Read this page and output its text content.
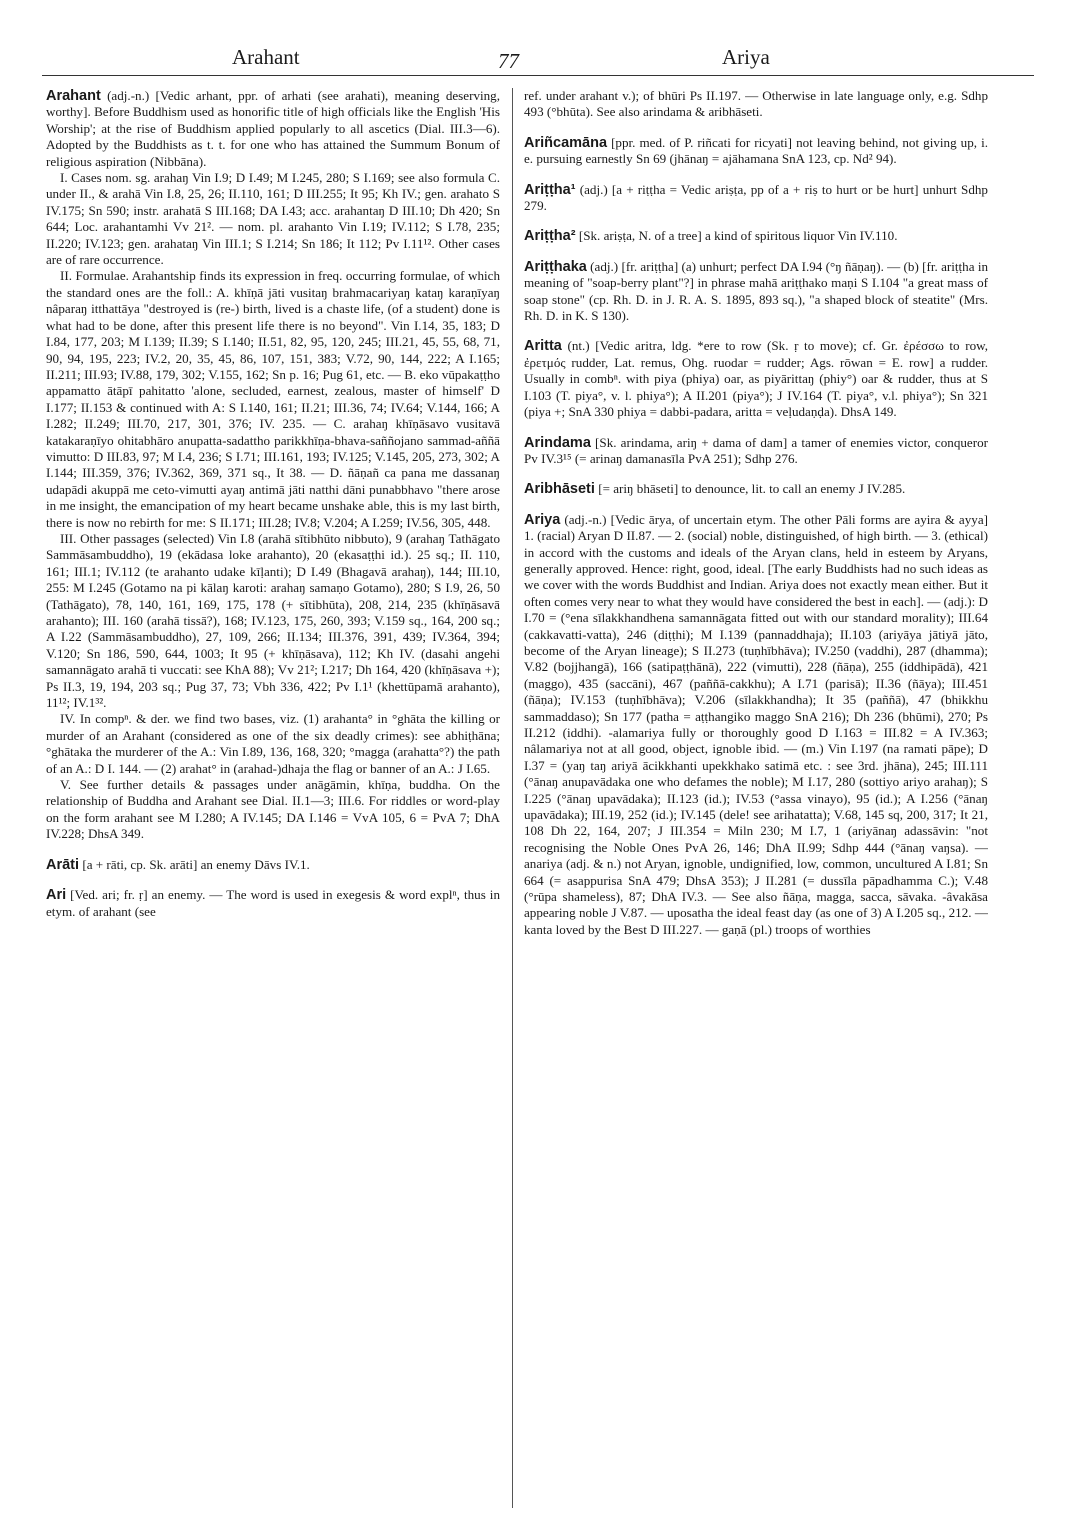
Arahant	77	Ariya
Arahant (adj.-n.) [Vedic arhant, ppr. of arhati (see arahati), meaning deserving, worthy]. Before Buddhism used as honorific title of high officials like the English 'His Worship'; at the rise of Buddhism applied popularly to all ascetics (Dial. III.3—6). Adopted by the Buddhists as t. t. for one who has attained the Summum Bonum of religious aspiration (Nibbāna).

I. Cases nom. sg. arahaŋ Vin I.9; D I.49; M I.245, 280; S I.169; see also formula C. under II., & arahā Vin I.8, 25, 26; II.110, 161; D III.255; It 95; Kh IV.; gen. arahato S IV.175; Sn 590; instr. arahatā S III.168; DA I.43; acc. arahantaŋ D III.10; Dh 420; Sn 644; Loc. arahantamhi Vv 21². — nom. pl. arahanto Vin I.19; IV.112; S I.78, 235; II.220; IV.123; gen. arahataŋ Vin III.1; S I.214; Sn 186; It 112; Pv I.11¹². Other cases are of rare occurrence.

II. Formulae. Arahantship finds its expression in freq. occurring formulae, of which the standard ones are the foll.: A. khīṇā jāti vusitaŋ brahmacariyaŋ kataŋ karaṇīyaŋ nâparaŋ itthattāya "destroyed is (re-) birth, lived is a chaste life, (of a student) done is what had to be done, after this present life there is no beyond". Vin I.14, 35, 183; D I.84, 177, 203; M I.139; II.39; S I.140; II.51, 82, 95, 120, 245; III.21, 45, 55, 68, 71, 90, 94, 195, 223; IV.2, 20, 35, 45, 86, 107, 151, 383; V.72, 90, 144, 222; A I.165; II.211; III.93; IV.88, 179, 302; V.155, 162; Sn p. 16; Pug 61, etc. — B. eko vūpakaṭṭho appamatto ātāpī pahitatto 'alone, secluded, earnest, zealous, master of himself' D I.177; II.153 & continued with A: S I.140, 161; II.21; III.36, 74; IV.64; V.144, 166; A I.282; II.249; III.70, 217, 301, 376; IV. 235. — C. arahaŋ khīṇāsavo vusitavā katakaraṇīyo ohitabhāro anupatta-sadattho parikkhīṇa-bhava-saññojano sammad-aññā vimutto: D III.83, 97; M I.4, 236; S I.71; III.161, 193; IV.125; V.145, 205, 273, 302; A I.144; III.359, 376; IV.362, 369, 371 sq., It 38. — D. ñāṇañ ca pana me dassanaŋ udapādi akuppā me ceto-vimutti ayaŋ antimā jāti natthi dāni punabbhavo "there arose in me insight, the emancipation of my heart became unshake able, this is my last birth, there is now no rebirth for me: S II.171; III.28; IV.8; V.204; A I.259; IV.56, 305, 448.

III. Other passages (selected) Vin I.8 (arahā sītibhūto nibbuto), 9 (arahaŋ Tathāgato Sammāsambuddho), 19 (ekādasa loke arahanto), 20 (ekasaṭṭhi id.). 25 sq.; II. 110, 161; III.1; IV.112 (te arahanto udake kīḷanti); D I.49 (Bhagavā arahaŋ), 144; III.10, 255: M I.245 (Gotamo na pi kālaŋ karoti: arahaŋ samaṇo Gotamo), 280; S I.9, 26, 50 (Tathāgato), 78, 140, 161, 169, 175, 178 (+ sītibhūta), 208, 214, 235 (khīṇāsavā arahanto); III. 160 (arahā tissā?), 168; IV.123, 175, 260, 393; V.159 sq., 164, 200 sq.; A I.22 (Sammāsambuddho), 27, 109, 266; II.134; III.376, 391, 439; IV.364, 394; V.120; Sn 186, 590, 644, 1003; It 95 (+ khīṇāsava), 112; Kh IV. (dasahi angehi samannāgato arahā ti vuccati: see KhA 88); Vv 21²; I.217; Dh 164, 420 (khīṇāsava +); Ps II.3, 19, 194, 203 sq.; Pug 37, 73; Vbh 336, 422; Pv I.1¹ (khettūpamā arahanto), 11¹²; IV.1³².

IV. In compⁿ. & der. we find two bases, viz. (1) arahanta° in °ghāta the killing or murder of an Arahant (considered as one of the six deadly crimes): see abhiṭhāna; °ghātaka the murderer of the A.: Vin I.89, 136, 168, 320; °magga (arahatta°?) the path of an A.: D I. 144. — (2) arahat° in (arahad-)dhaja the flag or banner of an A.: J I.65.

V. See further details & passages under anāgāmin, khīṇa, buddha. On the relationship of Buddha and Arahant see Dial. II.1—3; III.6. For riddles or word-play on the form arahant see M I.280; A IV.145; DA I.146 = VvA 105, 6 = PvA 7; DhA IV.228; DhsA 349.

Arāti [a + rāti, cp. Sk. arāti] an enemy Dāvs IV.1.
Ari [Ved. ari; fr. ṛ] an enemy. — The word is used in exegesis & word explⁿ, thus in etym. of arahant (see

ref. under arahant v.); of bhūri Ps II.197. — Otherwise in late language only, e.g. Sdhp 493 (°bhūta). See also arindama & aribhāseti.

Ariñcamāna [ppr. med. of P. riñcati for ricyati] not leaving behind, not giving up, i. e. pursuing earnestly Sn 69 (jhānaŋ = ajāhamana SnA 123, cp. Nd² 94).
Ariṭṭha¹ (adj.) [a + riṭṭha = Vedic ariṣṭa, pp of a + riṣ to hurt or be hurt] unhurt Sdhp 279.
Ariṭṭha² [Sk. ariṣṭa, N. of a tree] a kind of spiritous liquor Vin IV.110.
Ariṭṭhaka (adj.) [fr. ariṭṭha] (a) unhurt; perfect DA I.94 (°ŋ ñāṇaŋ). — (b) [fr. ariṭṭha in meaning of "soap-berry plant"?] in phrase mahā ariṭṭhako maṇi S I.104 "a great mass of soap stone" (cp. Rh. D. in J. R. A. S. 1895, 893 sq.), "a shaped block of steatite" (Mrs. Rh. D. in K. S 130).
Aritta (nt.) [Vedic aritra, ldg. *ere to row (Sk. ṛ to move); cf. Gr. ἐρέσσω to row, ἐρετμός rudder, Lat. remus, Ohg. ruodar = rudder; Ags. rōwan = E. row] a rudder. Usually in combⁿ. with piya (phiya) oar, as piyārittaŋ (phiy°) oar & rudder, thus at S I.103 (T. piya°, v. l. phiya°); A II.201 (piya°); J IV.164 (T. piya°, v.l. phiya°); Sn 321 (piya +; SnA 330 phiya = dabbi-padara, aritta = veḷudaṇḍa). DhsA 149.
Arindama [Sk. arindama, ariŋ + dama of dam] a tamer of enemies victor, conqueror Pv IV.3¹⁵ (= arinaŋ damanasīla PvA 251); Sdhp 276.
Aribhāseti [= ariŋ bhāseti] to denounce, lit. to call an enemy J IV.285.
Ariya (adj.-n.) [Vedic ārya, of uncertain etym. The other Pāli forms are ayira & ayya] 1. (racial) Aryan D II.87. — 2. (social) noble, distinguished, of high birth. — 3. (ethical) in accord with the customs and ideals of the Aryan clans, held in esteem by Aryans, generally approved. Hence: right, good, ideal. [The early Buddhists had no such ideas as we cover with the words Buddhist and Indian. Ariya does not exactly mean either. But it often comes very near to what they would have considered the best in each]. — (adj.): D I.70 = (°ena sīlakkhandhena samannāgata fitted out with our standard morality); III.64 (cakkavatti-vatta), 246 (diṭṭhi); M I.139 (pannaddhaja); II.103 (ariyāya jātiyā jāto, become of the Aryan lineage); S II.273 (tuṇhībhāva); IV.250 (vaddhi), 287 (dhamma); V.82 (bojjhangā), 166 (satipaṭṭhānā), 222 (vimutti), 228 (ñāṇa), 255 (iddhipādā), 421 (maggo), 435 (saccāni), 467 (paññā-cakkhu); A I.71 (parisā); II.36 (ñāya); III.451 (ñāṇa); IV.153 (tuṇhībhāva); V.206 (sīlakkhandha); It 35 (paññā), 47 (bhikkhu sammaddaso); Sn 177 (patha = aṭṭhangiko maggo SnA 216); Dh 236 (bhūmi), 270; Ps II.212 (iddhi). -alamariya fully or thoroughly good D I.163 = III.82 = A IV.363; nâlamariya not at all good, object, ignoble ibid. — (m.) Vin I.197 (na ramati pāpe); D I.37 = (yaŋ taŋ ariyā ācikkhanti upekkhako satimā etc. : see 3rd. jhāna), 245; III.111 (°ānaŋ anupavādaka one who defames the noble); M I.17, 280 (sottiyo ariyo arahaŋ); S I.225 (°ānaŋ upavādaka); II.123 (id.); IV.53 (°assa vinayo), 95 (id.); A I.256 (°ānaŋ upavādaka); III.19, 252 (id.); IV.145 (dele! see arihatatta); V.68, 145 sq, 200, 317; It 21, 108 Dh 22, 164, 207; J III.354 = Miln 230; M I.7, 1 (ariyānaŋ adassāvin: "not recognising the Noble Ones PvA 26, 146; DhA II.99; Sdhp 444 (°ānaŋ vaŋsa). — anariya (adj. & n.) not Aryan, ignoble, undignified, low, common, uncultured A I.81; Sn 664 (= asappurisa SnA 479; DhsA 353); J II.281 (= dussīla pāpadhamma C.); V.48 (°rūpa shameless), 87; DhA IV.3. — See also ñāṇa, magga, sacca, sāvaka. -âvakāsa appearing noble J V.87. — uposatha the ideal feast day (as one of 3) A I.205 sq., 212. — kanta loved by the Best D III.227. — gaṇā (pl.) troops of worthies
